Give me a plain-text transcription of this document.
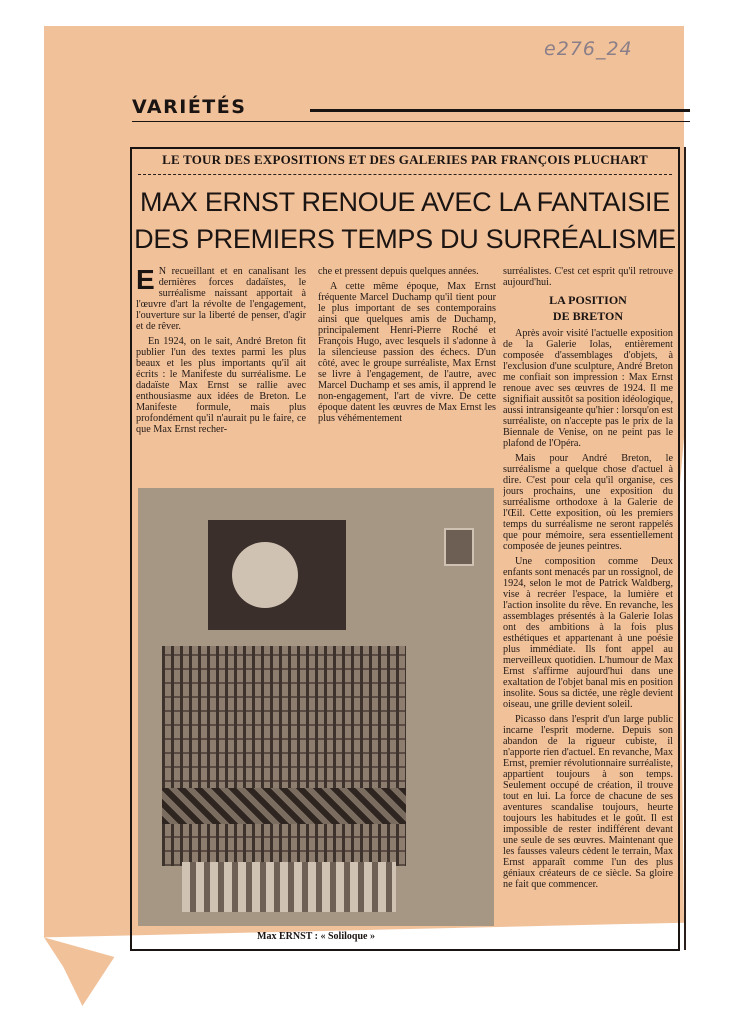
e276_24
VARIÉTÉS
LE TOUR DES EXPOSITIONS ET DES GALERIES PAR FRANÇOIS PLUCHART
MAX ERNST RENOUE AVEC LA FANTAISIE
DES PREMIERS TEMPS DU SURRÉALISME

E N recueillant et en canalisant les dernières forces dadaïstes, le surréalisme naissant apportait à l'œuvre d'art la révolte de l'engagement, l'ouverture sur la liberté de penser, d'agir et de rêver.

En 1924, on le sait, André Breton fit publier l'un des textes parmi les plus beaux et les plus importants qu'il ait écrits : le Manifeste du surréalisme. Le dadaïste Max Ernst se rallie avec enthousiasme aux idées de Breton. Le Manifeste formule, mais plus profondément qu'il n'aurait pu le faire, ce que Max Ernst recher-

che et pressent depuis quelques années.

A cette même époque, Max Ernst fréquente Marcel Duchamp qu'il tient pour le plus important de ses contemporains ainsi que quelques amis de Duchamp, principalement Henri-Pierre Roché et François Hugo, avec lesquels il s'adonne à la silencieuse passion des échecs. D'un côté, avec le groupe surréaliste, Max Ernst se livre à l'engagement, de l'autre, avec Marcel Duchamp et ses amis, il apprend le non-engagement, l'art de vivre. De cette époque datent les œuvres de Max Ernst les plus véhémentement

surréalistes. C'est cet esprit qu'il retrouve aujourd'hui.

LA POSITION
DE BRETON

Après avoir visité l'actuelle exposition de la Galerie Iolas, entièrement composée d'assemblages d'objets, à l'exclusion d'une sculpture, André Breton me confiait son impression : Max Ernst renoue avec ses œuvres de 1924. Il me signifiait aussitôt sa position idéologique, aussi intransigeante qu'hier : lorsqu'on est surréaliste, on n'accepte pas le prix de la Biennale de Venise, on ne peint pas le plafond de l'Opéra.

Mais pour André Breton, le surréalisme a quelque chose d'actuel à dire. C'est pour cela qu'il organise, ces jours prochains, une exposition du surréalisme orthodoxe à la Galerie de l'Œil. Cette exposition, où les premiers temps du surréalisme ne seront rappelés que pour mémoire, sera essentiellement composée de jeunes peintres.

Une composition comme Deux enfants sont menacés par un rossignol, de 1924, selon le mot de Patrick Waldberg, vise à recréer l'espace, la lumière et l'action insolite du rêve. En revanche, les assemblages présentés à la Galerie Iolas ont des ambitions à la fois plus esthétiques et appartenant à une poésie plus immédiate. Ils font appel au merveilleux quotidien. L'humour de Max Ernst s'affirme aujourd'hui dans une exaltation de l'objet banal mis en position insolite. Sous sa dictée, une règle devient oiseau, une grille devient soleil.

Picasso dans l'esprit d'un large public incarne l'esprit moderne. Depuis son abandon de la rigueur cubiste, il n'apporte rien d'actuel. En revanche, Max Ernst, premier révolutionnaire surréaliste, appartient toujours à son temps. Seulement occupé de création, il trouve tout en lui. La force de chacune de ses aventures scandalise toujours, heurte toujours les habitudes et le goût. Il est impossible de rester indifférent devant une seule de ses œuvres. Maintenant que les fausses valeurs cèdent le terrain, Max Ernst apparaît comme l'un des plus géniaux créateurs de ce siècle. Sa gloire ne fait que commencer.

Max ERNST : « Soliloque »
